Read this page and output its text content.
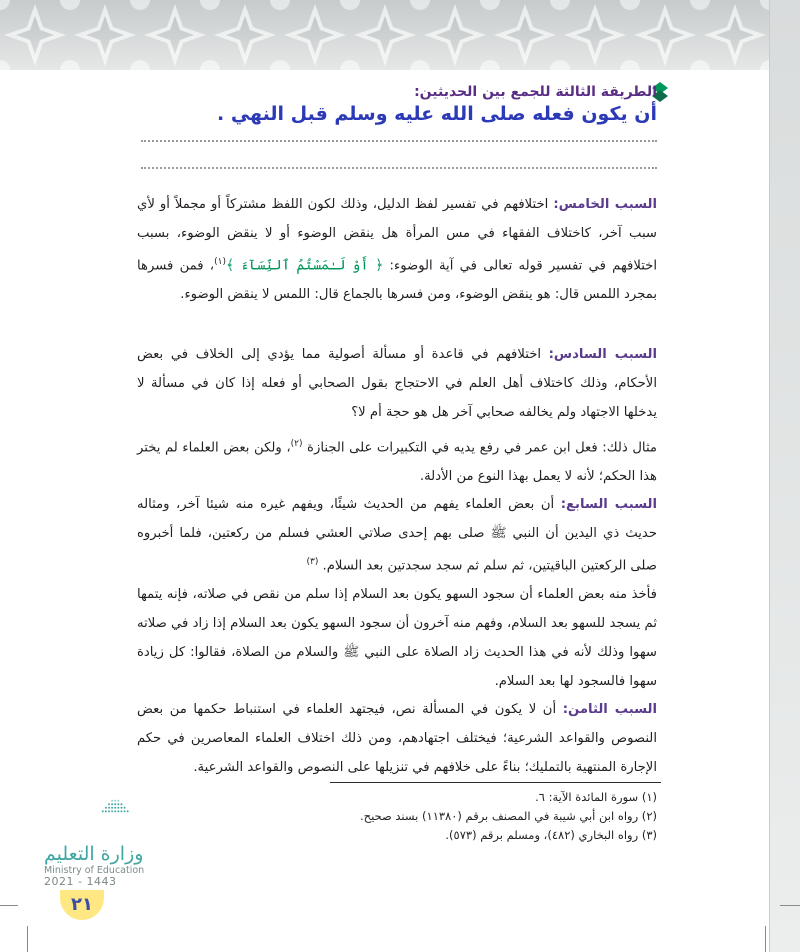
الطريقة الثالثة للجمع بين الحديثين:
أن يكون فعله صلى الله عليه وسلم قبل النهي .
السبب الخامس: اختلافهم في تفسير لفظ الدليل، وذلك لكون اللفظ مشتركاً أو مجملاً أو لأي سبب آخر، كاختلاف الفقهاء في مس المرأة هل ينقض الوضوء أو لا ينقض الوضوء، بسبب اختلافهم في تفسير قوله تعالى في آية الوضوء: ﴿ أَوْ لَـٰمَسْتُمُ ٱلنِّسَآءَ ﴾$^{(١)}$، فمن فسرها بمجرد اللمس قال: هو ينقض الوضوء، ومن فسرها بالجماع قال: اللمس لا ينقض الوضوء.
السبب السادس: اختلافهم في قاعدة أو مسألة أصولية مما يؤدي إلى الخلاف في بعض الأحكام، وذلك كاختلاف أهل العلم في الاحتجاج بقول الصحابي أو فعله إذا كان في مسألة لا يدخلها الاجتهاد ولم يخالفه صحابي آخر هل هو حجة أم لا؟
مثال ذلك: فعل ابن عمر في رفع يديه في التكبيرات على الجنازة $^{(٢)}$، ولكن بعض العلماء لم يختر هذا الحكم؛ لأنه لا يعمل بهذا النوع من الأدلة.
السبب السابع: أن بعض العلماء يفهم من الحديث شيئًا، ويفهم غيره منه شيئا آخر، ومثاله حديث ذي اليدين أن النبي ﷺ صلى بهم إحدى صلاتي العشي فسلم من ركعتين، فلما أخبروه صلى الركعتين الباقيتين، ثم سلم ثم سجد سجدتين بعد السلام. $^{(٣)}$
فأخذ منه بعض العلماء أن سجود السهو يكون بعد السلام إذا سلم من نقص في صلاته، فإنه يتمها ثم يسجد للسهو بعد السلام، وفهم منه آخرون أن سجود السهو يكون بعد السلام إذا زاد في صلاته سهوا وذلك لأنه في هذا الحديث زاد الصلاة على النبي ﷺ والسلام من الصلاة، فقالوا: كل زيادة سهوا فالسجود لها بعد السلام.
السبب الثامن: أن لا يكون في المسألة نص، فيجتهد العلماء في استنباط حكمها من بعض النصوص والقواعد الشرعية؛ فيختلف اجتهادهم، ومن ذلك اختلاف العلماء المعاصرين في حكم الإجارة المنتهية بالتمليك؛ بناءً على خلافهم في تنزيلها على النصوص والقواعد الشرعية.
(١) سورة المائدة الآية: ٦.
(٢) رواه ابن أبي شيبة في المصنف برقم (١١٣٨٠) بسند صحيح.
(٣) رواه البخاري (٤٨٢)، ومسلم برقم (٥٧٣).
وزارة التعليم
Ministry of Education
2021 - 1443
٢١
